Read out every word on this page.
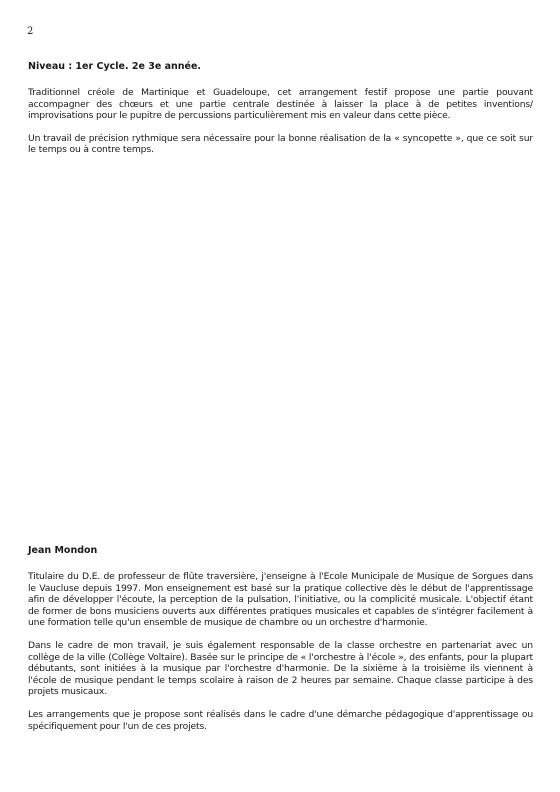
2
Niveau : 1er Cycle. 2e 3e année.

Traditionnel créole de Martinique et Guadeloupe, cet arrangement festif propose une partie pouvant accompagner des chœurs et une partie centrale destinée à laisser la place à de petites inventions/ improvisations pour le pupitre de percussions particulièrement mis en valeur dans cette pièce.

Un travail de précision rythmique sera nécessaire pour la bonne réalisation de la « syncopette », que ce soit sur le temps ou à contre temps.

Jean Mondon

Titulaire du D.E. de professeur de flûte traversière, j'enseigne à l'Ecole Municipale de Musique de Sorgues dans le Vaucluse depuis 1997. Mon enseignement est basé sur la pratique collective dès le début de l'apprentissage afin de développer l'écoute, la perception de la pulsation, l'initiative, ou la complicité musicale. L'objectif étant de former de bons musiciens ouverts aux différentes pratiques musicales et capables de s'intégrer facilement à une formation telle qu'un ensemble de musique de chambre ou un orchestre d'harmonie.

Dans le cadre de mon travail, je suis également responsable de la classe orchestre en partenariat avec un collège de la ville (Collège Voltaire). Basée sur le principe de « l'orchestre à l'école », des enfants, pour la plupart débutants, sont initiées à la musique par l'orchestre d'harmonie. De la sixième à la troisième ils viennent à l'école de musique pendant le temps scolaire à raison de 2 heures par semaine. Chaque classe participe à des projets musicaux.

Les arrangements que je propose sont réalisés dans le cadre d'une démarche pédagogique d'apprentissage ou spécifiquement pour l'un de ces projets.
